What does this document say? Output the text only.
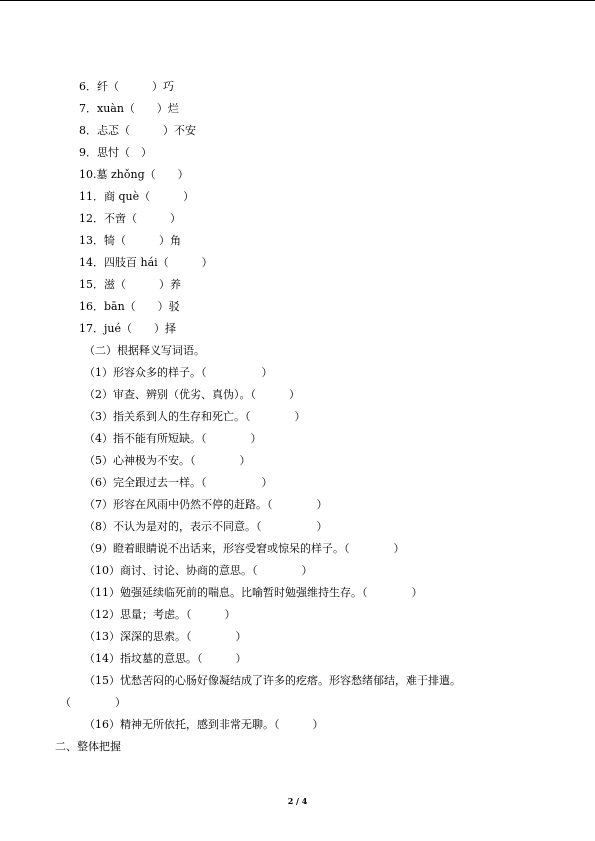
6．纤（　　　）巧
7．xuàn（　　）烂
8．忐忑（　　　）不安
9．思忖（　）
10.墓 zhǒng（　　）
11．商 què（　　　）
12．不啻（　　　）
13．犄（　　　）角
14．四肢百 hái（　　　）
15．滋（　　　）养
16．bān（　　）驳
17．jué（　　）择
（二）根据释义写词语。
（1）形容众多的样子。（　　　　　）
（2）审查、辨别（优劣、真伪）。（　　　）
（3）指关系到人的生存和死亡。（　　　　）
（4）指不能有所短缺。（　　　　）
（5）心神极为不安。（　　　　）
（6）完全跟过去一样。（　　　　　）
（7）形容在风雨中仍然不停的赶路。（　　　　）
（8）不认为是对的，表示不同意。（　　　　　）
（9）瞪着眼睛说不出话来，形容受窘或惊呆的样子。（　　　　）
（10）商讨、讨论、协商的意思。（　　　　）
（11）勉强延续临死前的喘息。比喻暂时勉强维持生存。（　　　　）
（12）思量；考虑。（　　　）
（13）深深的思索。（　　　　）
（14）指坟墓的意思。（　　　）
（15）忧愁苦闷的心肠好像凝结成了许多的疙瘩。形容愁绪郁结，难于排遣。
（　　　　）
（16）精神无所依托，感到非常无聊。（　　　）
二、整体把握
2 / 4
